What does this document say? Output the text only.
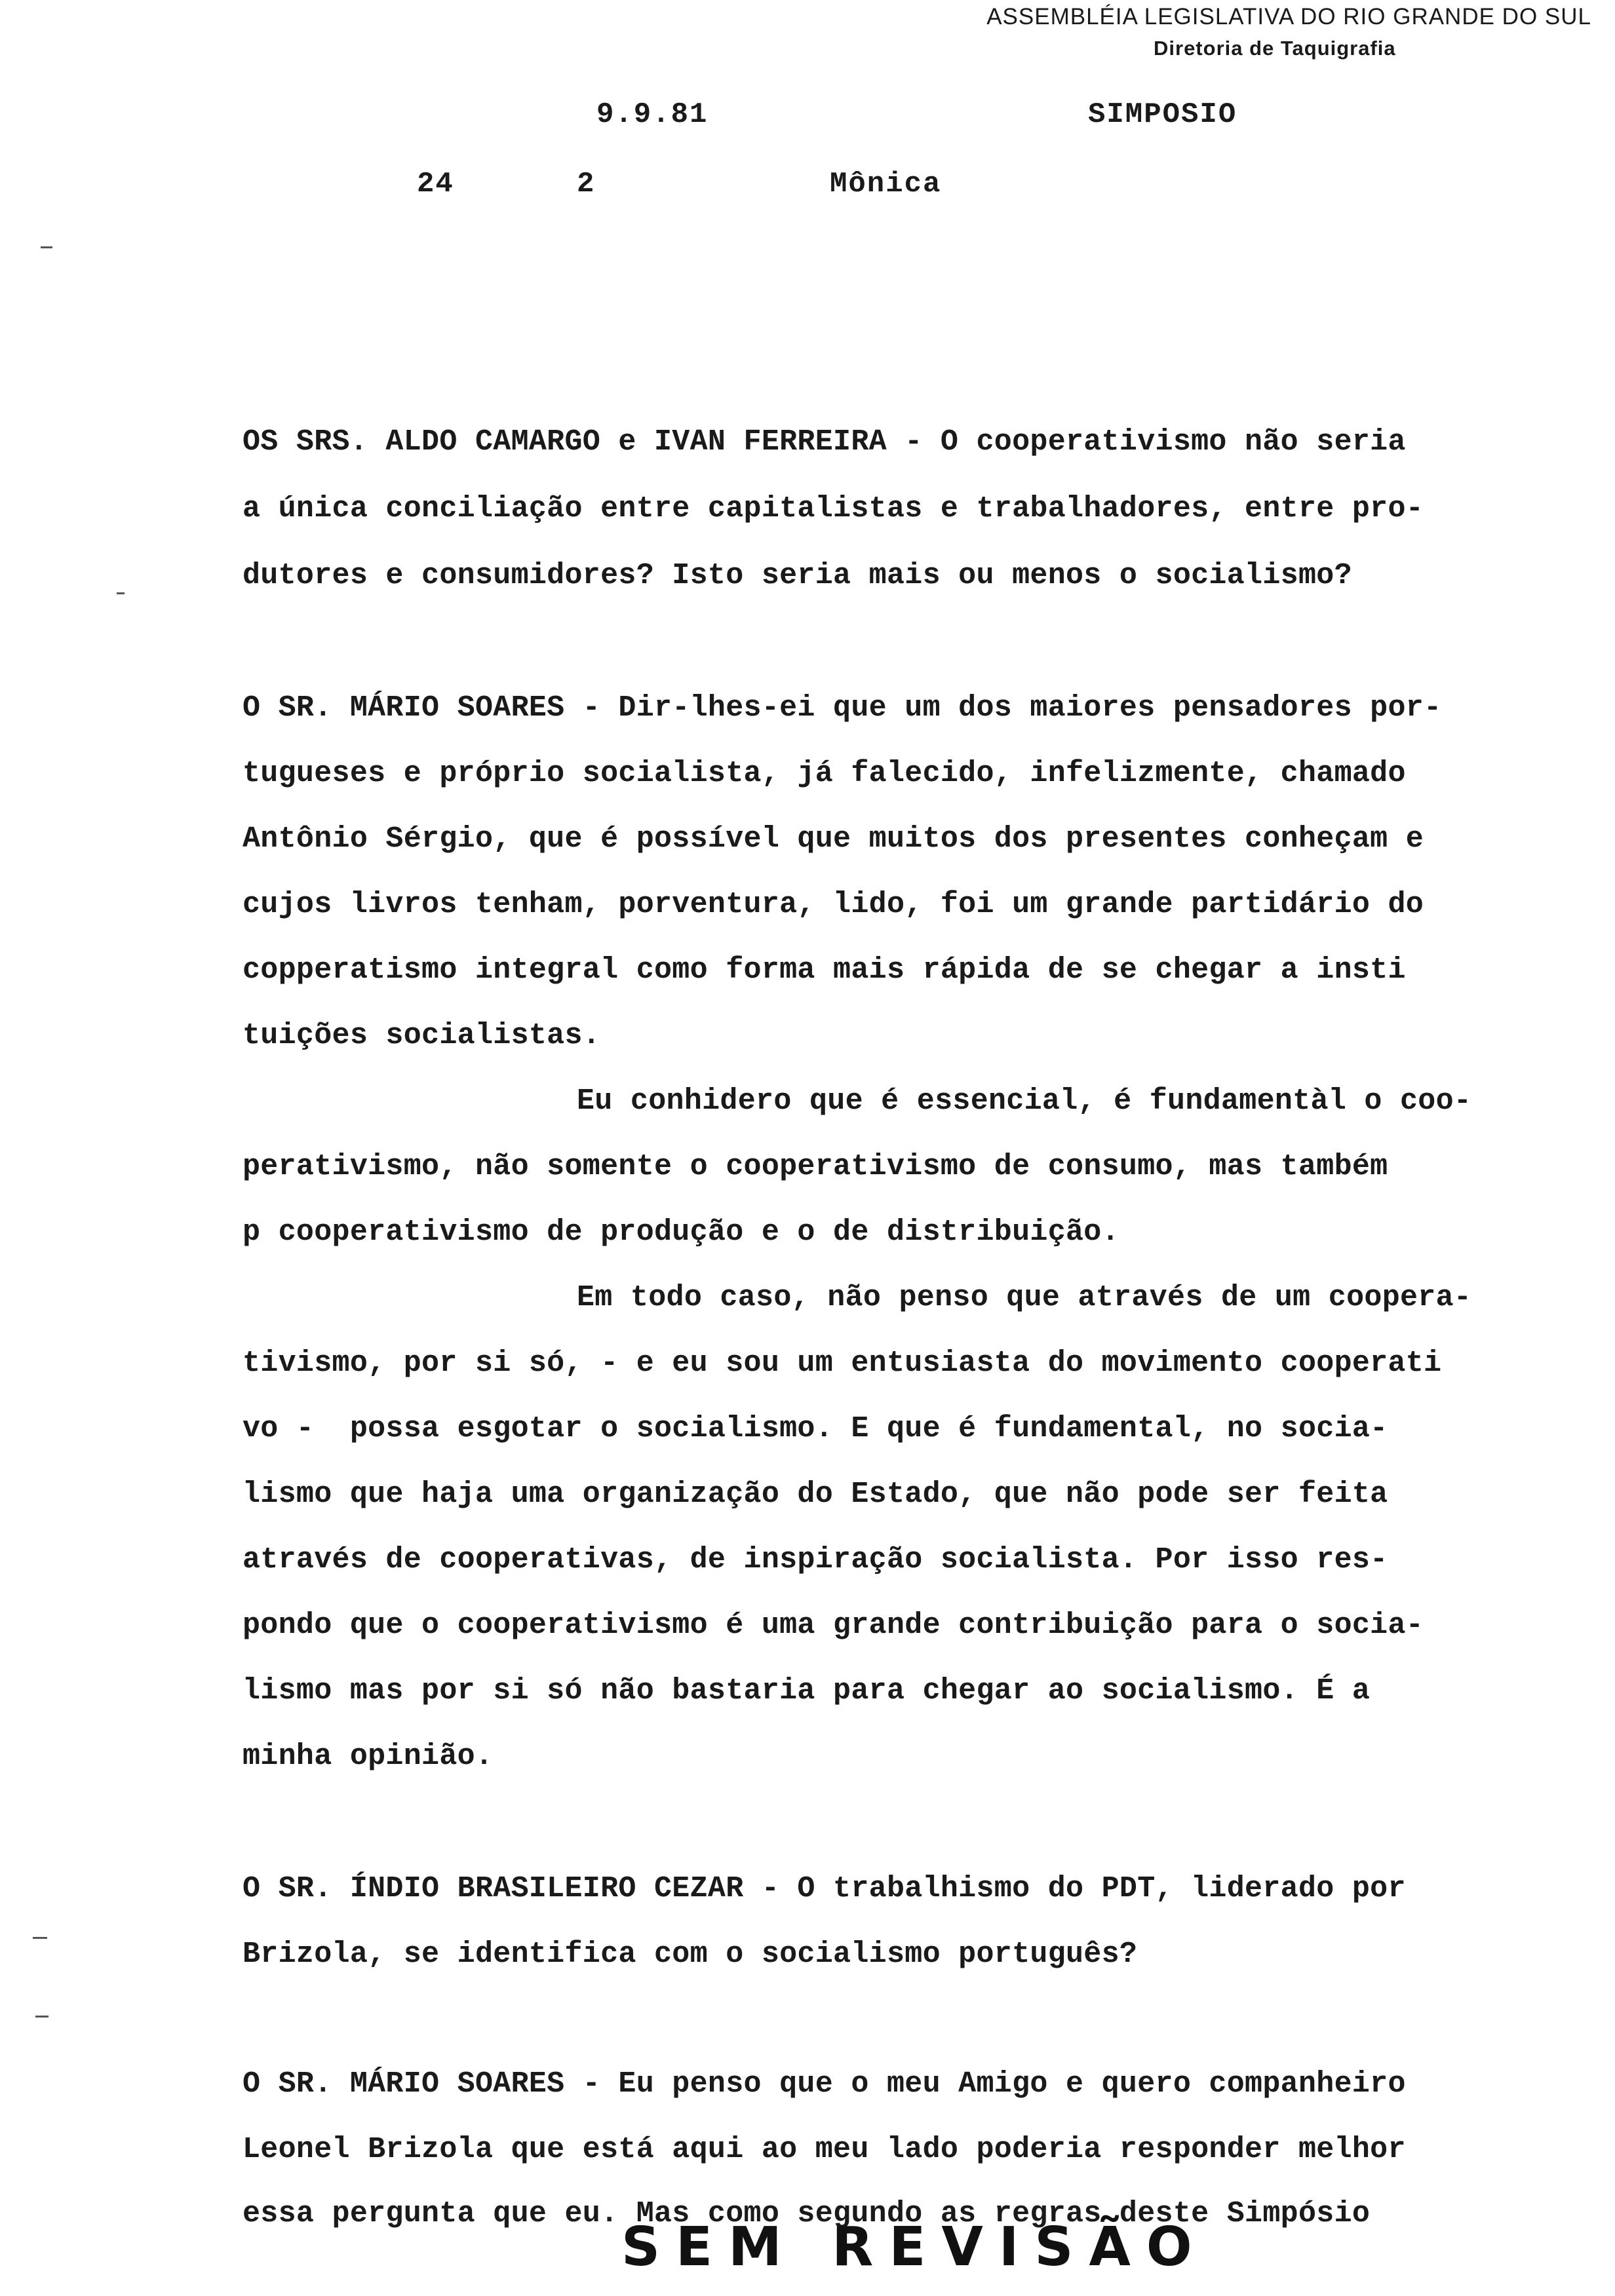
ASSEMBLÉIA LEGISLATIVA DO RIO GRANDE DO SUL
Diretoria de Taquigrafia
9.9.81	SIMPOSIO
24	2	Mônica
OS SRS. ALDO CAMARGO e IVAN FERREIRA - O cooperativismo não seria
a única conciliação entre capitalistas e trabalhadores, entre pro-
dutores e consumidores? Isto seria mais ou menos o socialismo?
O SR. MÁRIO SOARES - Dir-lhes-ei que um dos maiores pensadores por-
tugueses e próprio socialista, já falecido, infelizmente, chamado
Antônio Sérgio, que é possível que muitos dos presentes conheçam e
cujos livros tenham, porventura, lido, foi um grande partidário do
copperatismo integral como forma mais rápida de se chegar a insti
tuições socialistas.
Eu conhidero que é essencial, é fundamentàl o coo-
perativismo, não somente o cooperativismo de consumo, mas também
p cooperativismo de produção e o de distribuição.
Em todo caso, não penso que através de um coopera-
tivismo, por si só, - e eu sou um entusiasta do movimento cooperati
vo -  possa esgotar o socialismo. E que é fundamental, no socia-
lismo que haja uma organização do Estado, que não pode ser feita
através de cooperativas, de inspiração socialista. Por isso res-
pondo que o cooperativismo é uma grande contribuição para o socia-
lismo mas por si só não bastaria para chegar ao socialismo. É a
minha opinião.
O SR. ÍNDIO BRASILEIRO CEZAR - O trabalhismo do PDT, liderado por
Brizola, se identifica com o socialismo português?
O SR. MÁRIO SOARES - Eu penso que o meu Amigo e quero companheiro
Leonel Brizola que está aqui ao meu lado poderia responder melhor
essa pergunta que eu. Mas como segundo as regras deste Simpósio
SEM REVISÃO
